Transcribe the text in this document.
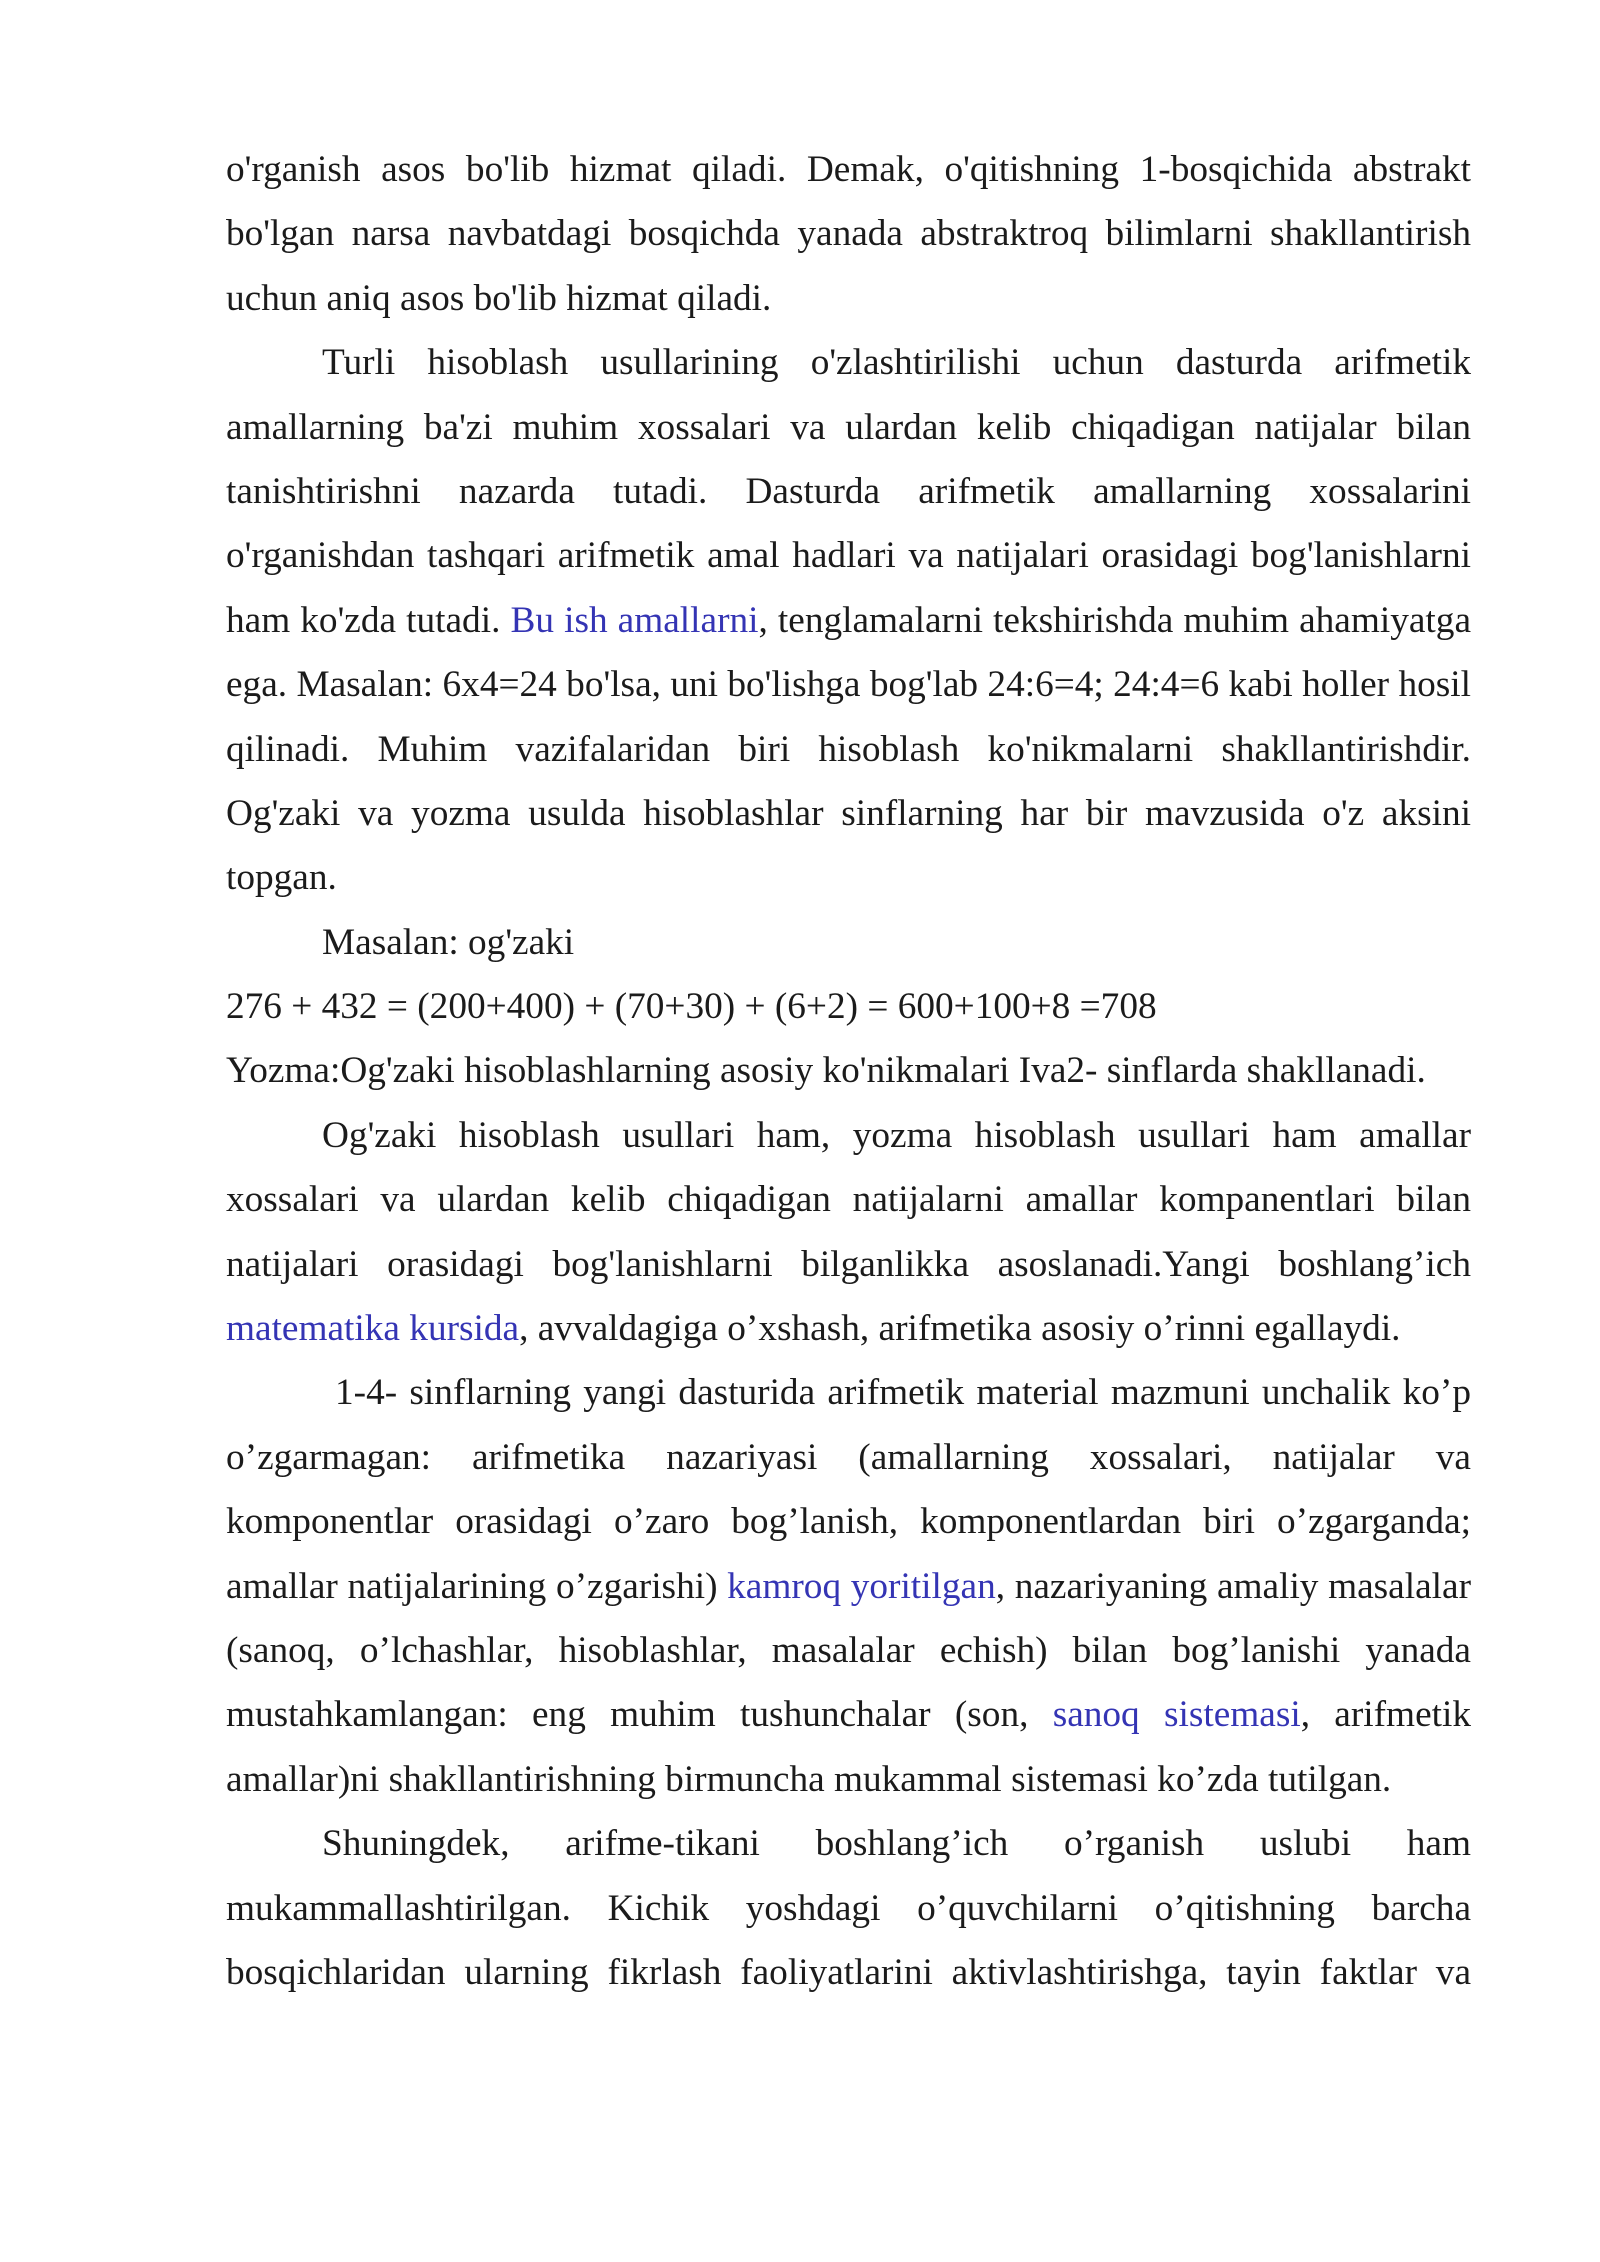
o'rganish asos bo'lib hizmat qiladi. Demak, o'qitishning 1-bosqichida abstrakt
bo'lgan narsa navbatdagi bosqichda yanada abstraktroq bilimlarni shakllantirish
uchun aniq asos bo'lib hizmat qiladi.
Turli hisoblash usullarining o'zlashtirilishi uchun dasturda arifmetik
amallarning ba'zi muhim xossalari va ulardan kelib chiqadigan natijalar bilan
tanishtirishni nazarda tutadi. Dasturda arifmetik amallarning xossalarini
o'rganishdan tashqari arifmetik amal hadlari va natijalari orasidagi bog'lanishlarni
ham ko'zda tutadi. Bu ish amallarni, tenglamalarni tekshirishda muhim ahamiyatga
ega. Masalan: 6x4=24 bo'lsa, uni bo'lishga bog'lab 24:6=4; 24:4=6 kabi holler hosil
qilinadi. Muhim vazifalaridan biri hisoblash ko'nikmalarni shakllantirishdir.
Og'zaki va yozma usulda hisoblashlar sinflarning har bir mavzusida o'z aksini
topgan.
Masalan: og'zaki
276 + 432 = (200+400) + (70+30) + (6+2) = 600+100+8 =708
Yozma:Og'zaki hisoblashlarning asosiy ko'nikmalari Iva2- sinflarda shakllanadi.
Og'zaki hisoblash usullari ham, yozma hisoblash usullari ham amallar
xossalari va ulardan kelib chiqadigan natijalarni amallar kompanentlari bilan
natijalari orasidagi bog'lanishlarni bilganlikka asoslanadi.Yangi boshlang’ich
matematika kursida, avvaldagiga o’xshash, arifmetika asosiy o’rinni egallaydi.
1-4- sinflarning yangi dasturida arifmetik material mazmuni unchalik ko’p
o’zgarmagan: arifmetika nazariyasi (amallarning xossalari, natijalar va
komponentlar orasidagi o’zaro bog’lanish, komponentlardan biri o’zgarganda;
amallar natijalarining o’zgarishi) kamroq yoritilgan, nazariyaning amaliy masalalar
(sanoq, o’lchashlar, hisoblashlar, masalalar echish) bilan bog’lanishi yanada
mustahkamlangan: eng muhim tushunchalar (son, sanoq sistemasi, arifmetik
amallar)ni shakllantirishning birmuncha mukammal sistemasi ko’zda tutilgan.
Shuningdek, arifme-tikani boshlang’ich o’rganish uslubi ham
mukammallashtirilgan. Kichik yoshdagi o’quvchilarni o’qitishning barcha
bosqichlaridan ularning fikrlash faoliyatlarini aktivlashtirishga, tayin faktlar va
